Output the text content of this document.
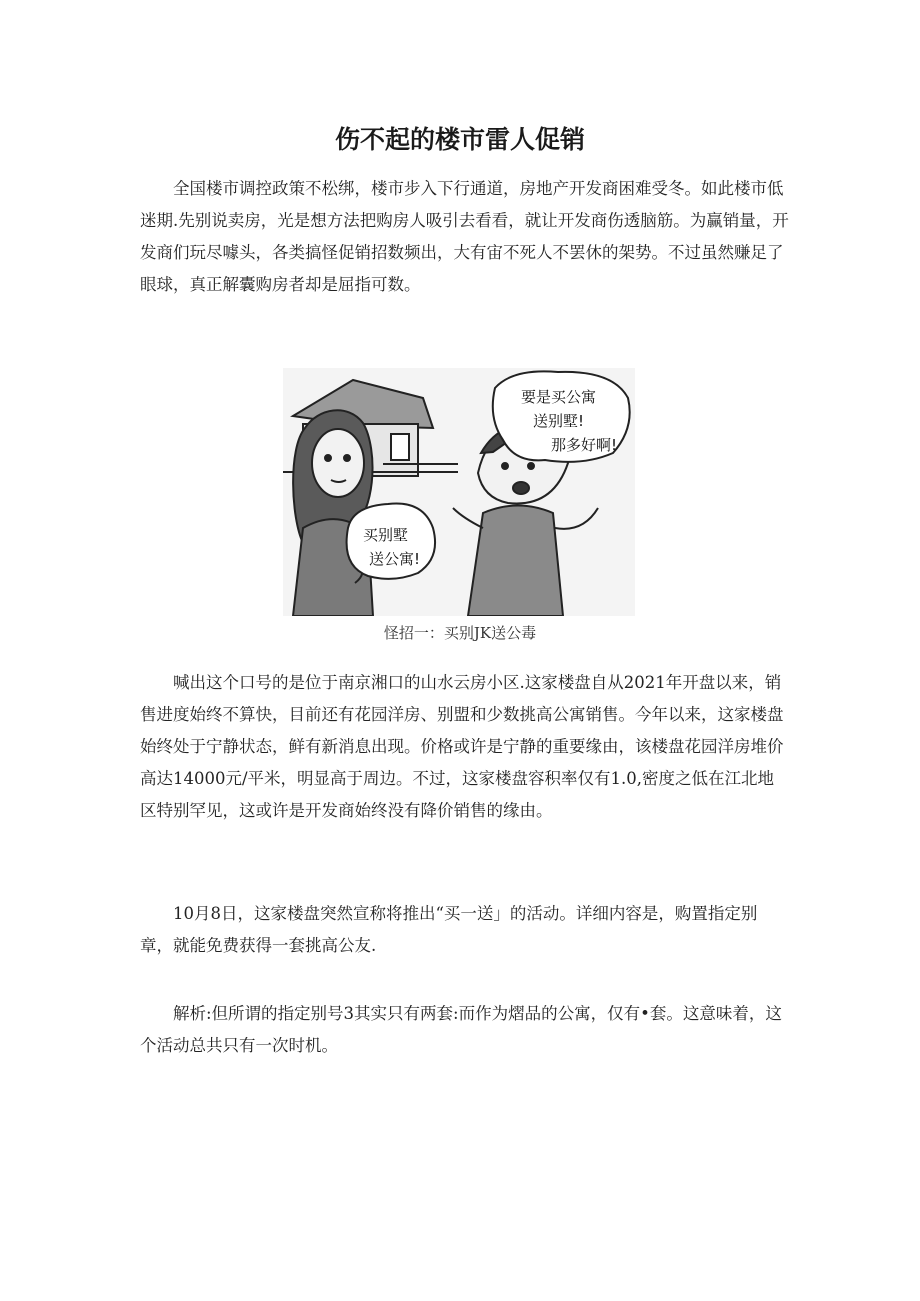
伤不起的楼市雷人促销

全国楼市调控政策不松绑，楼市步入下行通道，房地产开发商困难受冬。如此楼市低迷期.先别说卖房，光是想方法把购房人吸引去看看，就让开发商伤透脑筋。为赢销量，开发商们玩尽噱头，各类搞怪促销招数频出，大有宙不死人不罢休的架势。不过虽然赚足了眼球，真正解囊购房者却是屈指可数。

要是买公寓
送别墅!
那多好啊!
买别墅
送公寓!
怪招一：买别JK送公毒

喊出这个口号的是位于南京湘口的山水云房小区.这家楼盘自从2021年开盘以来，销售进度始终不算快，目前还有花园洋房、别盟和少数挑高公寓销售。今年以来，这家楼盘始终处于宁静状态，鲜有新消息出现。价格或许是宁静的重要缘由，该楼盘花园洋房堆价高达14000元/平米，明显高于周边。不过，这家楼盘容积率仅有1.0,密度之低在江北地区特别罕见，这或许是开发商始终没有降价销售的缘由。

10月8日，这家楼盘突然宣称将推出“买一送」的活动。详细内容是，购置指定别章，就能免费获得一套挑高公友.

解析:但所谓的指定别号3其实只有两套:而作为熠品的公寓，仅有•套。这意味着，这个活动总共只有一次时机。
